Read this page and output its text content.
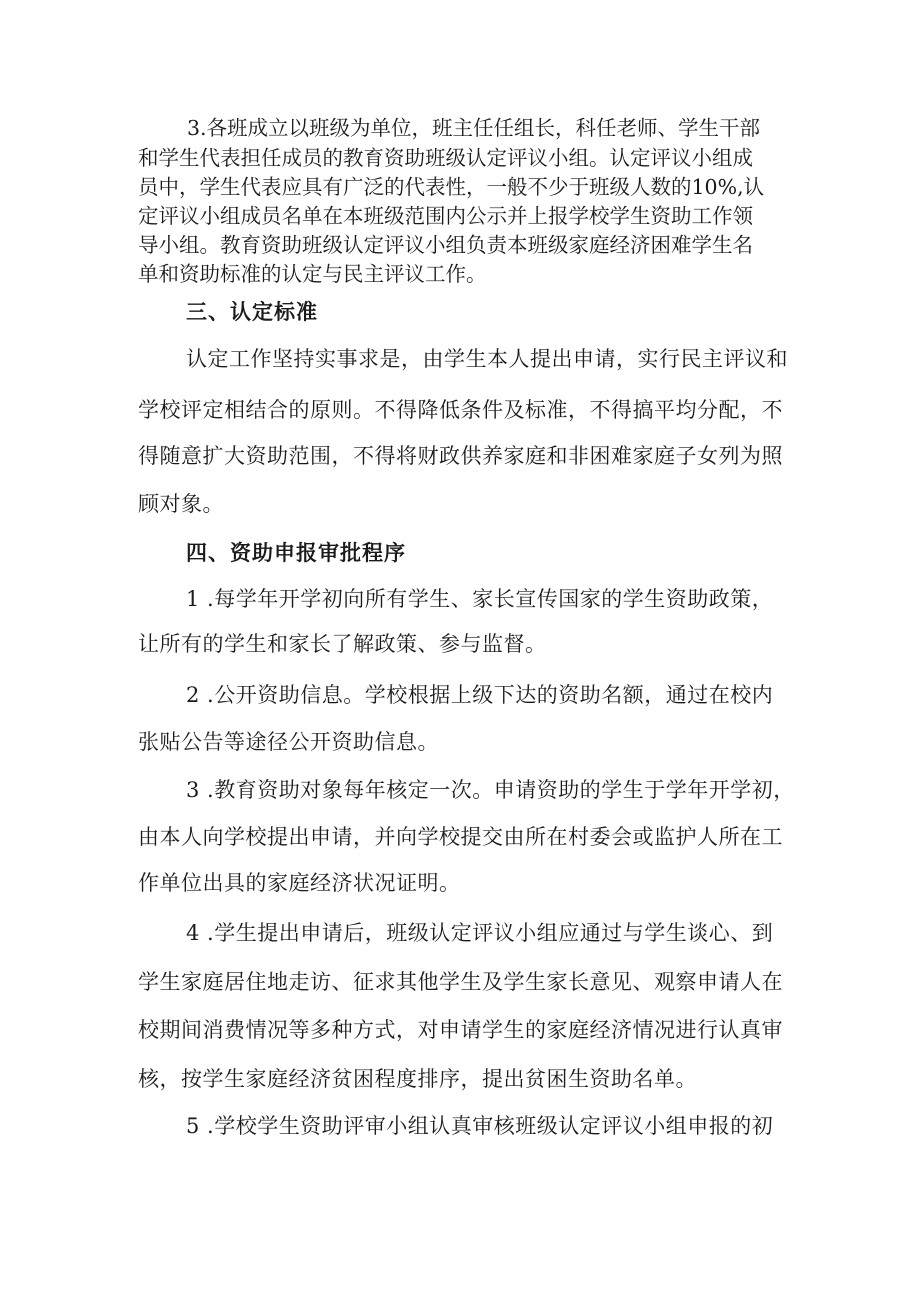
3.各班成立以班级为单位，班主任任组长，科任老师、学生干部
和学生代表担任成员的教育资助班级认定评议小组。认定评议小组成
员中，学生代表应具有广泛的代表性，一般不少于班级人数的10%,认
定评议小组成员名单在本班级范围内公示并上报学校学生资助工作领
导小组。教育资助班级认定评议小组负责本班级家庭经济困难学生名
单和资助标准的认定与民主评议工作。
三、认定标准
认定工作坚持实事求是，由学生本人提出申请，实行民主评议和
学校评定相结合的原则。不得降低条件及标准，不得搞平均分配，不
得随意扩大资助范围，不得将财政供养家庭和非困难家庭子女列为照
顾对象。
四、资助申报审批程序
1 .每学年开学初向所有学生、家长宣传国家的学生资助政策，
让所有的学生和家长了解政策、参与监督。
2 .公开资助信息。学校根据上级下达的资助名额，通过在校内
张贴公告等途径公开资助信息。
3 .教育资助对象每年核定一次。申请资助的学生于学年开学初，
由本人向学校提出申请，并向学校提交由所在村委会或监护人所在工
作单位出具的家庭经济状况证明。
4 .学生提出申请后，班级认定评议小组应通过与学生谈心、到
学生家庭居住地走访、征求其他学生及学生家长意见、观察申请人在
校期间消费情况等多种方式，对申请学生的家庭经济情况进行认真审
核，按学生家庭经济贫困程度排序，提出贫困生资助名单。
5 .学校学生资助评审小组认真审核班级认定评议小组申报的初
